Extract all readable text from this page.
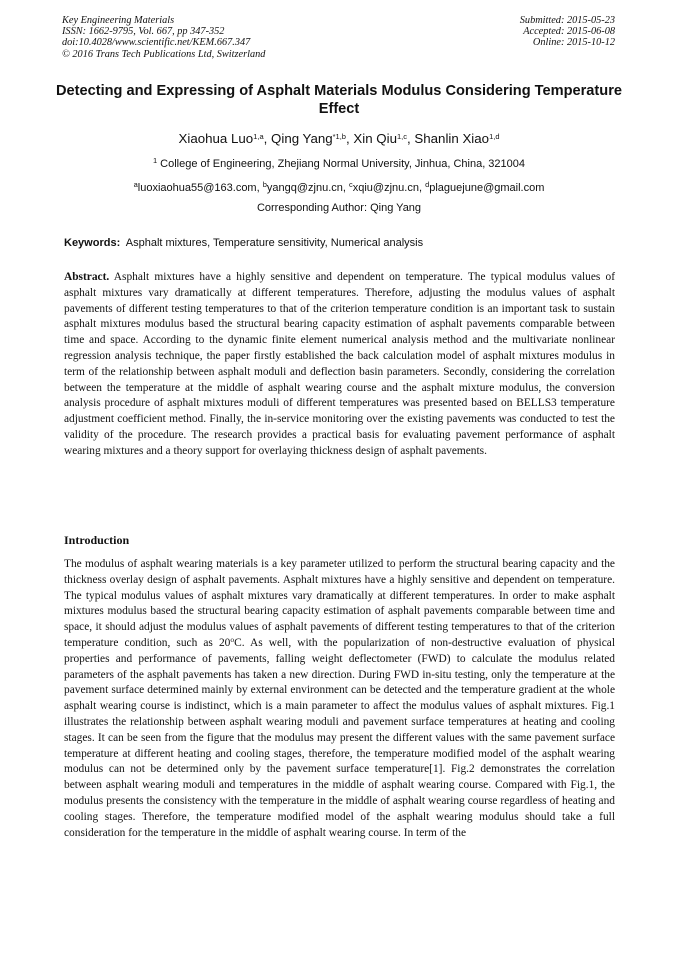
Key Engineering Materials
ISSN: 1662-9795, Vol. 667, pp 347-352
doi:10.4028/www.scientific.net/KEM.667.347
© 2016 Trans Tech Publications Ltd, Switzerland
Submitted: 2015-05-23
Accepted: 2015-06-08
Online: 2015-10-12
Detecting and Expressing of Asphalt Materials Modulus Considering Temperature Effect
Xiaohua Luo$^{1,a}$, Qing Yang$^{*1,b}$, Xin Qiu$^{1,c}$, Shanlin Xiao$^{1,d}$
$^1$ College of Engineering, Zhejiang Normal University, Jinhua, China, 321004
$^a$luoxiaohua55@163.com, $^b$yangq@zjnu.cn, $^c$xqiu@zjnu.cn, $^d$plaguejune@gmail.com
Corresponding Author: Qing Yang
Keywords: Asphalt mixtures, Temperature sensitivity, Numerical analysis
Abstract. Asphalt mixtures have a highly sensitive and dependent on temperature. The typical modulus values of asphalt mixtures vary dramatically at different temperatures. Therefore, adjusting the modulus values of asphalt pavements of different testing temperatures to that of the criterion temperature condition is an important task to sustain asphalt mixtures modulus based the structural bearing capacity estimation of asphalt pavements comparable between time and space. According to the dynamic finite element numerical analysis method and the multivariate nonlinear regression analysis technique, the paper firstly established the back calculation model of asphalt mixtures modulus in term of the relationship between asphalt moduli and deflection basin parameters. Secondly, considering the correlation between the temperature at the middle of asphalt wearing course and the asphalt mixture modulus, the conversion analysis procedure of asphalt mixtures moduli of different temperatures was presented based on BELLS3 temperature adjustment coefficient method. Finally, the in-service monitoring over the existing pavements was conducted to test the validity of the procedure. The research provides a practical basis for evaluating pavement performance of asphalt wearing mixtures and a theory support for overlaying thickness design of asphalt pavements.
Introduction
The modulus of asphalt wearing materials is a key parameter utilized to perform the structural bearing capacity and the thickness overlay design of asphalt pavements. Asphalt mixtures have a highly sensitive and dependent on temperature. The typical modulus values of asphalt mixtures vary dramatically at different temperatures. In order to make asphalt mixtures modulus based the structural bearing capacity estimation of asphalt pavements comparable between time and space, it should adjust the modulus values of asphalt pavements of different testing temperatures to that of the criterion temperature condition, such as 20$^o$C. As well, with the popularization of non-destructive evaluation of physical properties and performance of pavements, falling weight deflectometer (FWD) to calculate the modulus related parameters of the asphalt pavements has taken a new direction. During FWD in-situ testing, only the temperature at the pavement surface determined mainly by external environment can be detected and the temperature gradient at the whole asphalt wearing course is indistinct, which is a main parameter to affect the modulus values of asphalt mixtures. Fig.1 illustrates the relationship between asphalt wearing moduli and pavement surface temperatures at heating and cooling stages. It can be seen from the figure that the modulus may present the different values with the same pavement surface temperature at different heating and cooling stages, therefore, the temperature modified model of the asphalt wearing modulus can not be determined only by the pavement surface temperature[1]. Fig.2 demonstrates the correlation between asphalt wearing moduli and temperatures in the middle of asphalt wearing course. Compared with Fig.1, the modulus presents the consistency with the temperature in the middle of asphalt wearing course regardless of heating and cooling stages. Therefore, the temperature modified model of the asphalt wearing modulus should take a full consideration for the temperature in the middle of asphalt wearing course. In term of the
